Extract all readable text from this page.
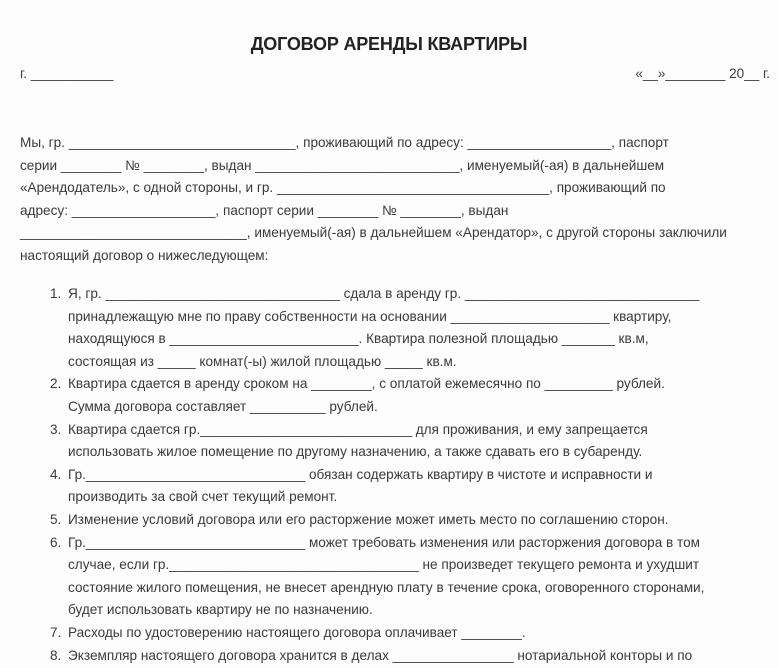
ДОГОВОР АРЕНДЫ КВАРТИРЫ
г. ___________	«__»________ 20__ г.
Мы, гр. ______________________________, проживающий по адресу: ___________________, паспорт
серии ________ № ________, выдан ___________________________, именуемый(-ая) в дальнейшем
«Арендодатель», с одной стороны, и гр. ____________________________________, проживающий по
адресу: ___________________, паспорт серии ________ № ________, выдан
______________________________, именуемый(-ая) в дальнейшем «Арендатор», с другой стороны заключили
настоящий договор о нижеследующем:
1. Я, гр. _______________________________ сдала в аренду гр. _______________________________
принадлежащую мне по праву собственности на основании _____________________ квартиру,
находящуюся в _________________________. Квартира полезной площадью _______ кв.м,
состоящая из _____ комнат(-ы) жилой площадью _____ кв.м.
2. Квартира сдается в аренду сроком на ________, с оплатой ежемесячно по _________ рублей.
Сумма договора составляет __________ рублей.
3. Квартира сдается гр.____________________________ для проживания, и ему запрещается
использовать жилое помещение по другому назначению, а также сдавать его в субаренду.
4. Гр._____________________________ обязан содержать квартиру в чистоте и исправности и
производить за свой счет текущий ремонт.
5. Изменение условий договора или его расторжение может иметь место по соглашению сторон.
6. Гр._____________________________ может требовать изменения или расторжения договора в том
случае, если гр._________________________________ не произведет текущего ремонта и ухудшит
состояние жилого помещения, не внесет арендную плату в течение срока, оговоренного сторонами,
будет использовать квартиру не по назначению.
7. Расходы по удостоверению настоящего договора оплачивает ________.
8. Экземпляр настоящего договора хранится в делах ________________ нотариальной конторы и по
